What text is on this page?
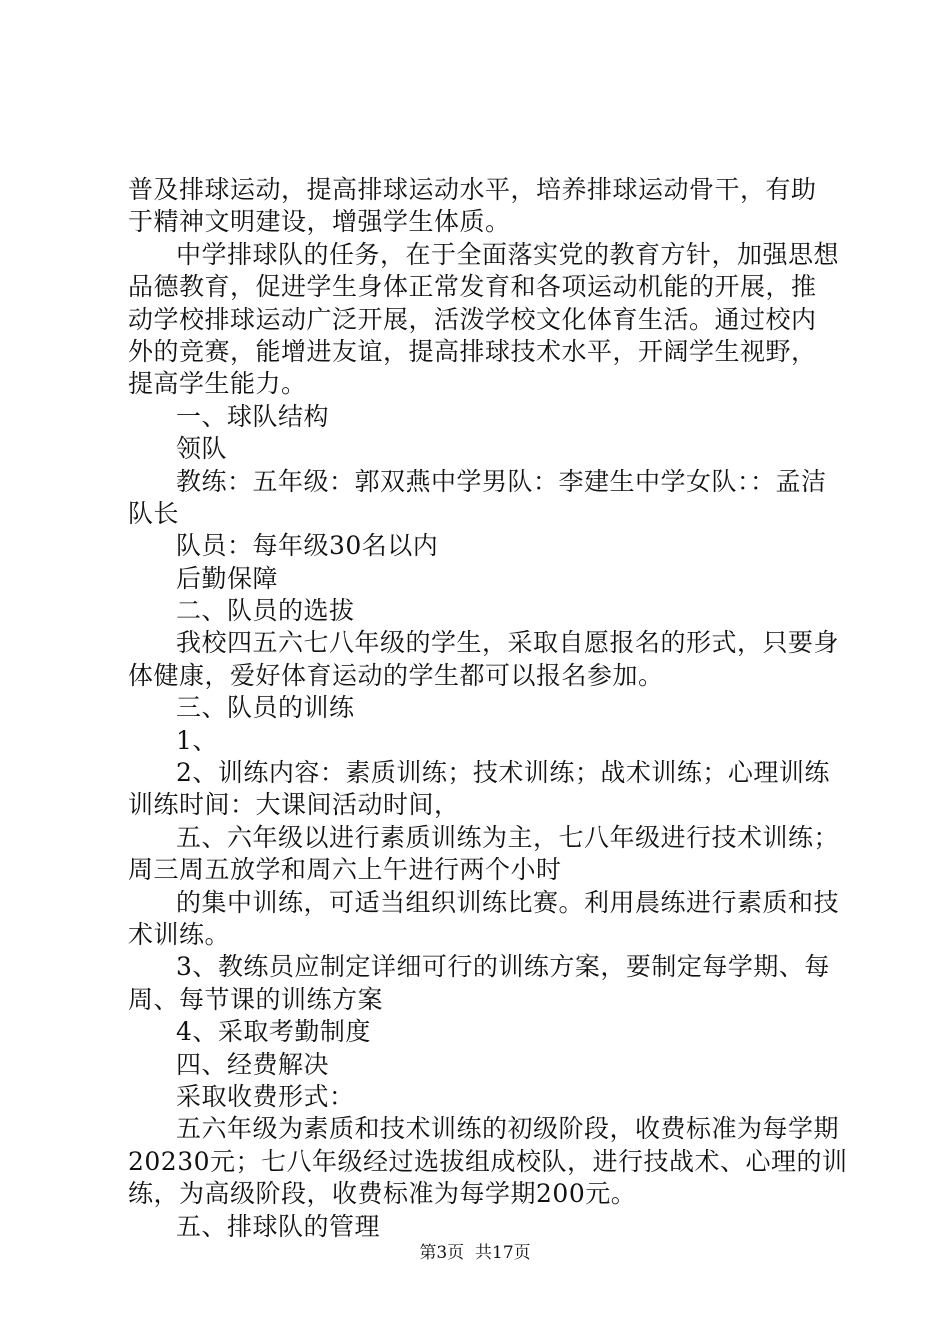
普及排球运动，提高排球运动水平，培养排球运动骨干，有助
于精神文明建设，增强学生体质。
中学排球队的任务，在于全面落实党的教育方针，加强思想
品德教育，促进学生身体正常发育和各项运动机能的开展，推
动学校排球运动广泛开展，活泼学校文化体育生活。通过校内
外的竞赛，能增进友谊，提高排球技术水平，开阔学生视野，
提高学生能力。
一、球队结构
领队
教练：五年级：郭双燕中学男队：李建生中学女队：：孟洁
队长
队员：每年级30名以内
后勤保障
二、队员的选拔
我校四五六七八年级的学生，采取自愿报名的形式，只要身
体健康，爱好体育运动的学生都可以报名参加。
三、队员的训练
1、
2、训练内容：素质训练；技术训练；战术训练；心理训练
训练时间：大课间活动时间，
五、六年级以进行素质训练为主，七八年级进行技术训练；
周三周五放学和周六上午进行两个小时
的集中训练，可适当组织训练比赛。利用晨练进行素质和技
术训练。
3、教练员应制定详细可行的训练方案，要制定每学期、每
周、每节课的训练方案
4、采取考勤制度
四、经费解决
采取收费形式：
五六年级为素质和技术训练的初级阶段，收费标准为每学期
20230元；七八年级经过选拔组成校队，进行技战术、心理的训
练，为高级阶段，收费标准为每学期200元。
五、排球队的管理
第3页 共17页
